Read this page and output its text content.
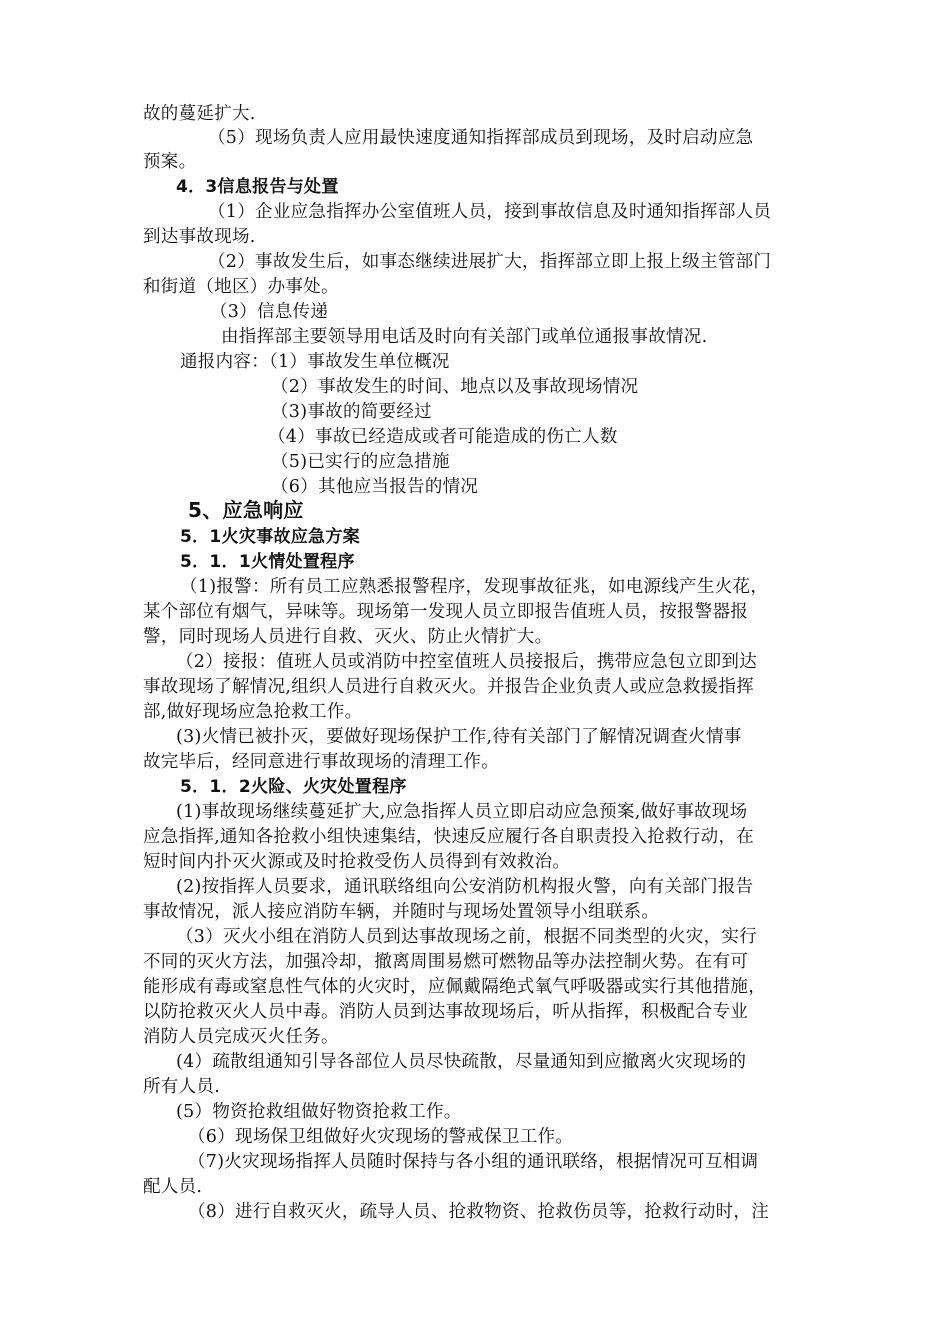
故的蔓延扩大.
（5）现场负责人应用最快速度通知指挥部成员到现场，及时启动应急
预案。
4．3信息报告与处置
（1）企业应急指挥办公室值班人员，接到事故信息及时通知指挥部人员
到达事故现场.
（2）事故发生后，如事态继续进展扩大，指挥部立即上报上级主管部门
和街道（地区）办事处。
（3）信息传递
由指挥部主要领导用电话及时向有关部门或单位通报事故情况.
通报内容：（1）事故发生单位概况
（2）事故发生的时间、地点以及事故现场情况
（3)事故的简要经过
（4）事故已经造成或者可能造成的伤亡人数
（5)已实行的应急措施
（6）其他应当报告的情况
5、应急响应
5．1火灾事故应急方案
5．1．1火情处置程序
（1)报警：所有员工应熟悉报警程序，发现事故征兆，如电源线产生火花，
某个部位有烟气，异味等。现场第一发现人员立即报告值班人员，按报警器报
警，同时现场人员进行自救、灭火、防止火情扩大。
（2）接报：值班人员或消防中控室值班人员接报后，携带应急包立即到达
事故现场了解情况,组织人员进行自救灭火。并报告企业负责人或应急救援指挥
部,做好现场应急抢救工作。
(3)火情已被扑灭，要做好现场保护工作,待有关部门了解情况调查火情事
故完毕后，经同意进行事故现场的清理工作。
5．1．2火险、火灾处置程序
(1)事故现场继续蔓延扩大,应急指挥人员立即启动应急预案,做好事故现场
应急指挥,通知各抢救小组快速集结，快速反应履行各自职责投入抢救行动，在
短时间内扑灭火源或及时抢救受伤人员得到有效救治。
(2)按指挥人员要求，通讯联络组向公安消防机构报火警，向有关部门报告
事故情况，派人接应消防车辆，并随时与现场处置领导小组联系。
（3）灭火小组在消防人员到达事故现场之前，根据不同类型的火灾，实行
不同的灭火方法，加强冷却，撤离周围易燃可燃物品等办法控制火势。在有可
能形成有毒或窒息性气体的火灾时，应佩戴隔绝式氧气呼吸器或实行其他措施，
以防抢救灭火人员中毒。消防人员到达事故现场后，听从指挥，积极配合专业
消防人员完成灭火任务。
(4）疏散组通知引导各部位人员尽快疏散，尽量通知到应撤离火灾现场的
所有人员.
(5）物资抢救组做好物资抢救工作。
（6）现场保卫组做好火灾现场的警戒保卫工作。
（7)火灾现场指挥人员随时保持与各小组的通讯联络，根据情况可互相调
配人员.
（8）进行自救灭火，疏导人员、抢救物资、抢救伤员等，抢救行动时，注
